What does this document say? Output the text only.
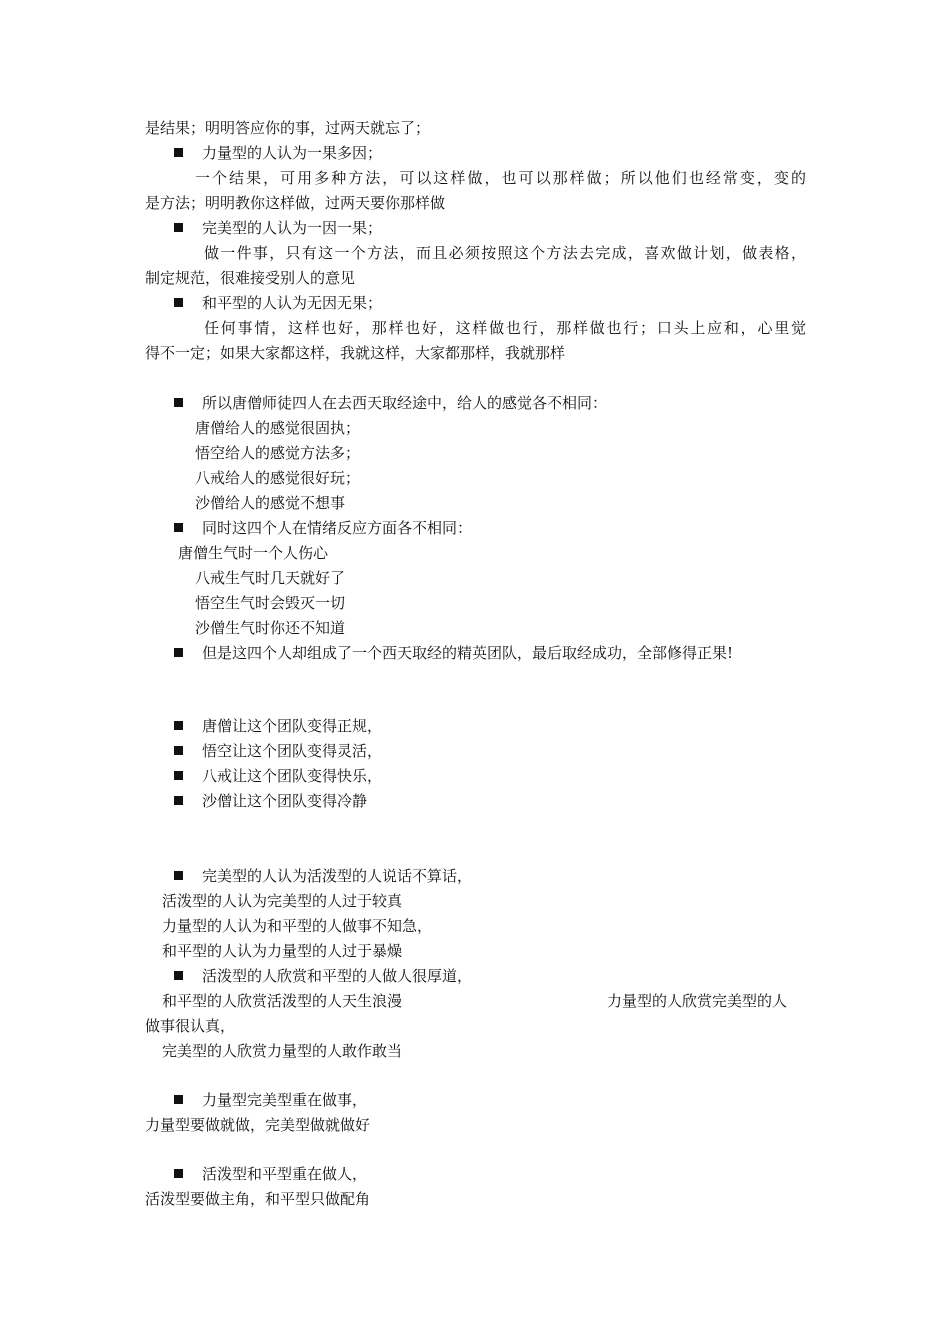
是结果；明明答应你的事，过两天就忘了；
力量型的人认为一果多因；
一个结果，可用多种方法，可以这样做，也可以那样做；所以他们也经常变，变的
是方法；明明教你这样做，过两天要你那样做
完美型的人认为一因一果；
做一件事，只有这一个方法，而且必须按照这个方法去完成，喜欢做计划，做表格，
制定规范，很难接受别人的意见
和平型的人认为无因无果；
任何事情，这样也好，那样也好，这样做也行，那样做也行；口头上应和，心里觉
得不一定；如果大家都这样，我就这样，大家都那样，我就那样
所以唐僧师徒四人在去西天取经途中，给人的感觉各不相同：
唐僧给人的感觉很固执；
悟空给人的感觉方法多；
八戒给人的感觉很好玩；
沙僧给人的感觉不想事
同时这四个人在情绪反应方面各不相同：
唐僧生气时一个人伤心
八戒生气时几天就好了
悟空生气时会毁灭一切
沙僧生气时你还不知道
但是这四个人却组成了一个西天取经的精英团队，最后取经成功，全部修得正果!
唐僧让这个团队变得正规，
悟空让这个团队变得灵活，
八戒让这个团队变得快乐，
沙僧让这个团队变得冷静
完美型的人认为活泼型的人说话不算话，
活泼型的人认为完美型的人过于较真
力量型的人认为和平型的人做事不知急，
和平型的人认为力量型的人过于暴燥
活泼型的人欣赏和平型的人做人很厚道，
和平型的人欣赏活泼型的人天生浪漫	力量型的人欣赏完美型的人
做事很认真，
完美型的人欣赏力量型的人敢作敢当
力量型完美型重在做事，
力量型要做就做，完美型做就做好
活泼型和平型重在做人，
活泼型要做主角，和平型只做配角
